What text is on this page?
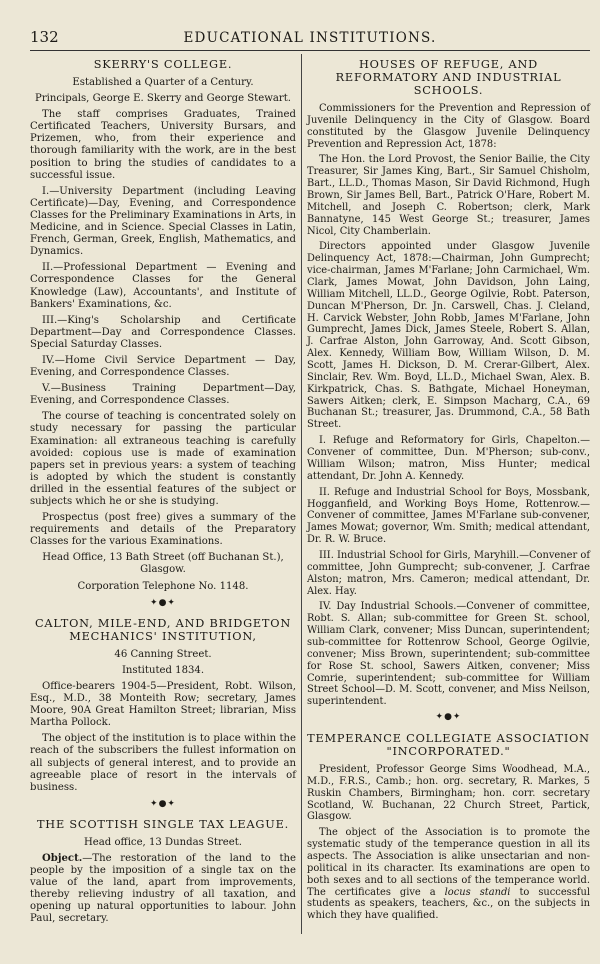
132	EDUCATIONAL INSTITUTIONS.
SKERRY'S COLLEGE.

Established a Quarter of a Century.

Principals, George E. Skerry and George Stewart.

The staff comprises Graduates, Trained Certificated Teachers, University Bursars, and Prizemen, who, from their experience and thorough familiarity with the work, are in the best position to bring the studies of candidates to a successful issue.

I.—University Department (including Leaving Certificate)—Day, Evening, and Correspondence Classes for the Preliminary Examinations in Arts, in Medicine, and in Science. Special Classes in Latin, French, German, Greek, English, Mathematics, and Dynamics.

II.—Professional Department — Evening and Correspondence Classes for the General Knowledge (Law), Accountants', and Institute of Bankers' Examinations, &c.

III.—King's Scholarship and Certificate Department—Day and Correspondence Classes. Special Saturday Classes.

IV.—Home Civil Service Department — Day, Evening, and Correspondence Classes.

V.—Business Training Department—Day, Evening, and Correspondence Classes.

The course of teaching is concentrated solely on study necessary for passing the particular Examination: all extraneous teaching is carefully avoided: copious use is made of examination papers set in previous years: a system of teaching is adopted by which the student is constantly drilled in the essential features of the subject or subjects which he or she is studying.

Prospectus (post free) gives a summary of the requirements and details of the Preparatory Classes for the various Examinations.

Head Office, 13 Bath Street (off Buchanan St.), Glasgow.

Corporation Telephone No. 1148.

✦●✦
CALTON, MILE-END, AND BRIDGETON MECHANICS' INSTITUTION,

46 Canning Street.

Instituted 1834.

Office-bearers 1904-5—President, Robt. Wilson, Esq., M.D., 38 Monteith Row; secretary, James Moore, 90A Great Hamilton Street; librarian, Miss Martha Pollock.

The object of the institution is to place within the reach of the subscribers the fullest information on all subjects of general interest, and to provide an agreeable place of resort in the intervals of business.

✦●✦
THE SCOTTISH SINGLE TAX LEAGUE.

Head office, 13 Dundas Street.

Object.—The restoration of the land to the people by the imposition of a single tax on the value of the land, apart from improvements, thereby relieving industry of all taxation, and opening up natural opportunities to labour. John Paul, secretary.

HOUSES OF REFUGE, AND REFORMATORY AND INDUSTRIAL SCHOOLS.

Commissioners for the Prevention and Repression of Juvenile Delinquency in the City of Glasgow. Board constituted by the Glasgow Juvenile Delinquency Prevention and Repression Act, 1878:

The Hon. the Lord Provost, the Senior Bailie, the City Treasurer, Sir James King, Bart., Sir Samuel Chisholm, Bart., LL.D., Thomas Mason, Sir David Richmond, Hugh Brown, Sir James Bell, Bart., Patrick O'Hare, Robert M. Mitchell, and Joseph C. Robertson; clerk, Mark Bannatyne, 145 West George St.; treasurer, James Nicol, City Chamberlain.

Directors appointed under Glasgow Juvenile Delinquency Act, 1878:—Chairman, John Gumprecht; vice-chairman, James M'Farlane; John Carmichael, Wm. Clark, James Mowat, John Davidson, John Laing, William Mitchell, LL.D., George Ogilvie, Robt. Paterson, Duncan M'Pherson, Dr. Jn. Carswell, Chas. J. Cleland, H. Carvick Webster, John Robb, James M'Farlane, John Gumprecht, James Dick, James Steele, Robert S. Allan, J. Carfrae Alston, John Garroway, And. Scott Gibson, Alex. Kennedy, William Bow, William Wilson, D. M. Scott, James H. Dickson, D. M. Crerar-Gilbert, Alex. Sinclair, Rev. Wm. Boyd, LL.D., Michael Swan, Alex. B. Kirkpatrick, Chas. S. Bathgate, Michael Honeyman, Sawers Aitken; clerk, E. Simpson Macharg, C.A., 69 Buchanan St.; treasurer, Jas. Drummond, C.A., 58 Bath Street.

I. Refuge and Reformatory for Girls, Chapelton.—Convener of committee, Dun. M'Pherson; sub-conv., William Wilson; matron, Miss Hunter; medical attendant, Dr. John A. Kennedy.

II. Refuge and Industrial School for Boys, Mossbank, Hogganfield, and Working Boys Home, Rottenrow.—Convener of committee, James M'Farlane sub-convener, James Mowat; governor, Wm. Smith; medical attendant, Dr. R. W. Bruce.

III. Industrial School for Girls, Maryhill.—Convener of committee, John Gumprecht; sub-convener, J. Carfrae Alston; matron, Mrs. Cameron; medical attendant, Dr. Alex. Hay.

IV. Day Industrial Schools.—Convener of committee, Robt. S. Allan; sub-committee for Green St. school, William Clark, convener; Miss Duncan, superintendent; sub-committee for Rottenrow School, George Ogilvie, convener; Miss Brown, superintendent; sub-committee for Rose St. school, Sawers Aitken, convener; Miss Comrie, superintendent; sub-committee for William Street School—D. M. Scott, convener, and Miss Neilson, superintendent.

✦●✦
TEMPERANCE COLLEGIATE ASSOCIATION "INCORPORATED."

President, Professor George Sims Woodhead, M.A., M.D., F.R.S., Camb.; hon. org. secretary, R. Markes, 5 Ruskin Chambers, Birmingham; hon. corr. secretary Scotland, W. Buchanan, 22 Church Street, Partick, Glasgow.

The object of the Association is to promote the systematic study of the temperance question in all its aspects. The Association is alike unsectarian and non-political in its character. Its examinations are open to both sexes and to all sections of the temperance world. The certificates give a locus standi to successful students as speakers, teachers, &c., on the subjects in which they have qualified.
